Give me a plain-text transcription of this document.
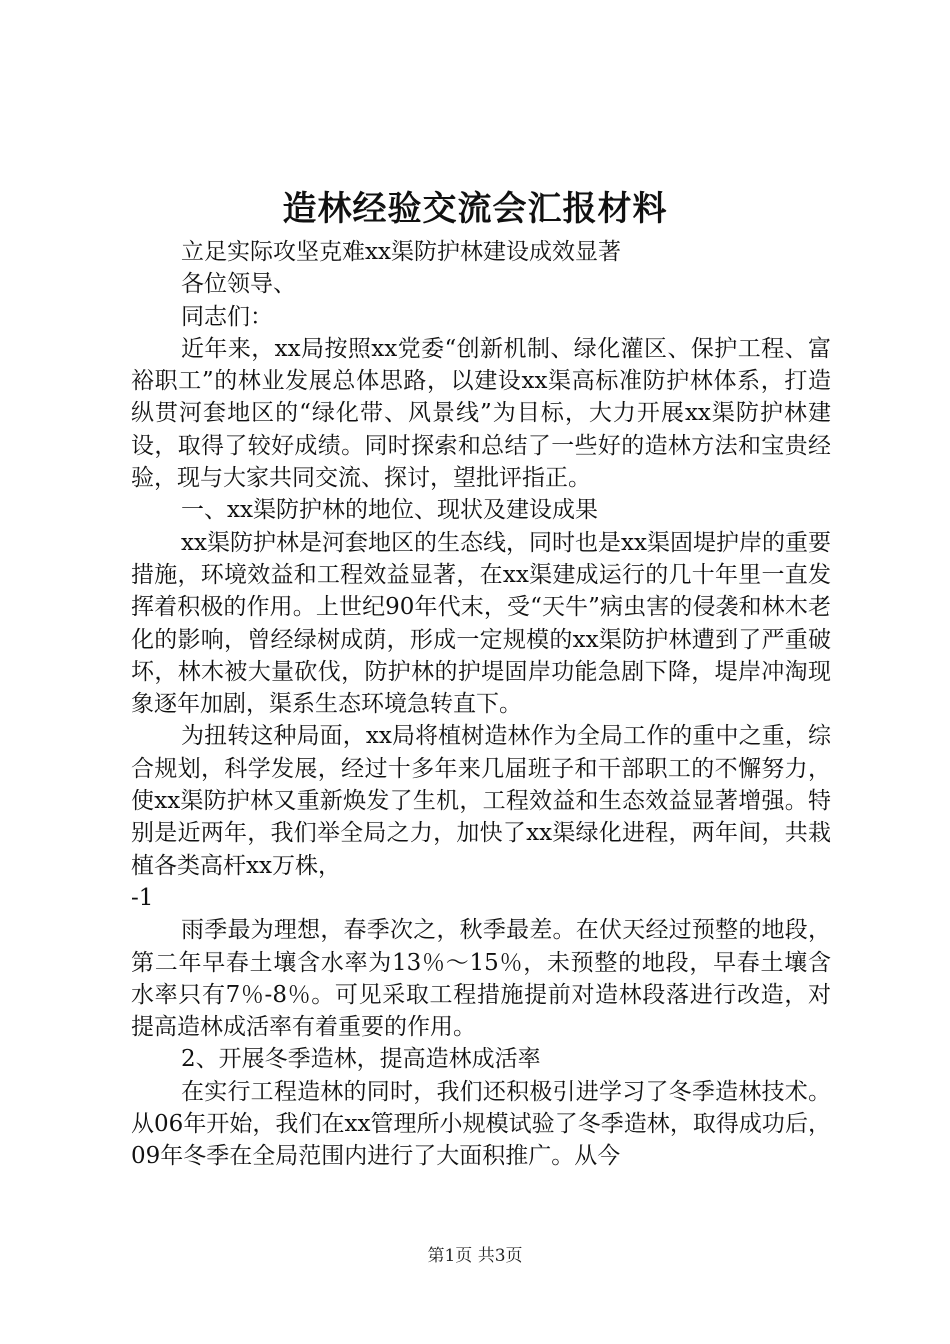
造林经验交流会汇报材料

立足实际攻坚克难xx渠防护林建设成效显著

各位领导、

同志们：

近年来，xx局按照xx党委“创新机制、绿化灌区、保护工程、富裕职工”的林业发展总体思路，以建设xx渠高标准防护林体系，打造纵贯河套地区的“绿化带、风景线”为目标，大力开展xx渠防护林建设，取得了较好成绩。同时探索和总结了一些好的造林方法和宝贵经验，现与大家共同交流、探讨，望批评指正。

一、xx渠防护林的地位、现状及建设成果

xx渠防护林是河套地区的生态线，同时也是xx渠固堤护岸的重要措施，环境效益和工程效益显著，在xx渠建成运行的几十年里一直发挥着积极的作用。上世纪90年代末，受“天牛”病虫害的侵袭和林木老化的影响，曾经绿树成荫，形成一定规模的xx渠防护林遭到了严重破坏，林木被大量砍伐，防护林的护堤固岸功能急剧下降，堤岸冲淘现象逐年加剧，渠系生态环境急转直下。

为扭转这种局面，xx局将植树造林作为全局工作的重中之重，综合规划，科学发展，经过十多年来几届班子和干部职工的不懈努力，使xx渠防护林又重新焕发了生机，工程效益和生态效益显著增强。特别是近两年，我们举全局之力，加快了xx渠绿化进程，两年间，共栽植各类高杆xx万株，

-1

雨季最为理想，春季次之，秋季最差。在伏天经过预整的地段，第二年早春土壤含水率为13％～15％，未预整的地段，早春土壤含水率只有7％-8％。可见采取工程措施提前对造林段落进行改造，对提高造林成活率有着重要的作用。

2、开展冬季造林，提高造林成活率

在实行工程造林的同时，我们还积极引进学习了冬季造林技术。从06年开始，我们在xx管理所小规模试验了冬季造林，取得成功后，09年冬季在全局范围内进行了大面积推广。从今

第1页 共3页
